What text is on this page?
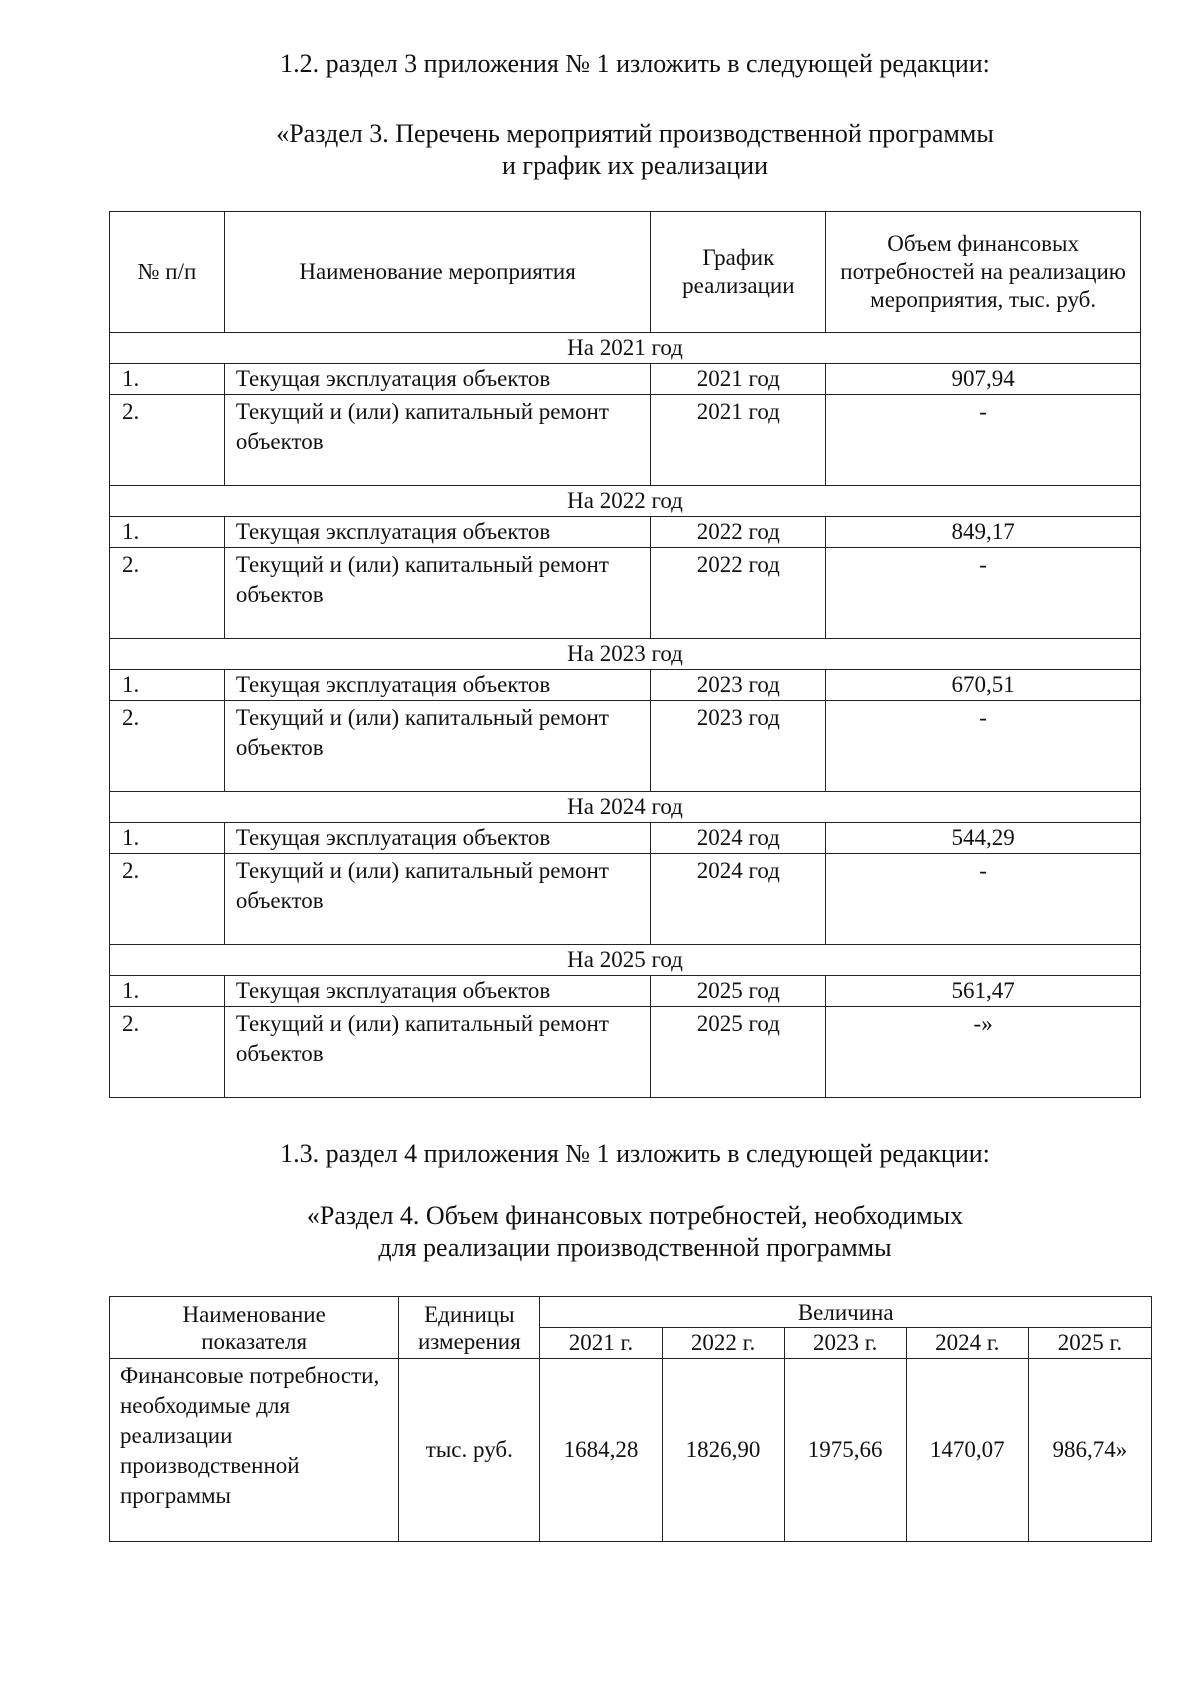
1.2. раздел 3 приложения № 1 изложить в следующей редакции:
«Раздел 3. Перечень мероприятий производственной программы
и график их реализации
№ п/п	Наименование мероприятия	График реализации	Объем финансовых потребностей на реализацию мероприятия, тыс. руб.
На 2021 год			
1.	Текущая эксплуатация объектов	2021 год	907,94
2.	Текущий и (или) капитальный ремонт объектов	2021 год	-
На 2022 год			
1.	Текущая эксплуатация объектов	2022 год	849,17
2.	Текущий и (или) капитальный ремонт объектов	2022 год	-
На 2023 год			
1.	Текущая эксплуатация объектов	2023 год	670,51
2.	Текущий и (или) капитальный ремонт объектов	2023 год	-
На 2024 год			
1.	Текущая эксплуатация объектов	2024 год	544,29
2.	Текущий и (или) капитальный ремонт объектов	2024 год	-
На 2025 год			
1.	Текущая эксплуатация объектов	2025 год	561,47
2.	Текущий и (или) капитальный ремонт объектов	2025 год	-»
1.3. раздел 4 приложения № 1 изложить в следующей редакции:
«Раздел 4. Объем финансовых потребностей, необходимых
для реализации производственной программы
Наименование показателя	Единицы измерения	Величина				
		2021 г.	2022 г.	2023 г.	2024 г.	2025 г.
Финансовые потребности, необходимые для реализации производственной программы	тыс. руб.	1684,28	1826,90	1975,66	1470,07	986,74»
